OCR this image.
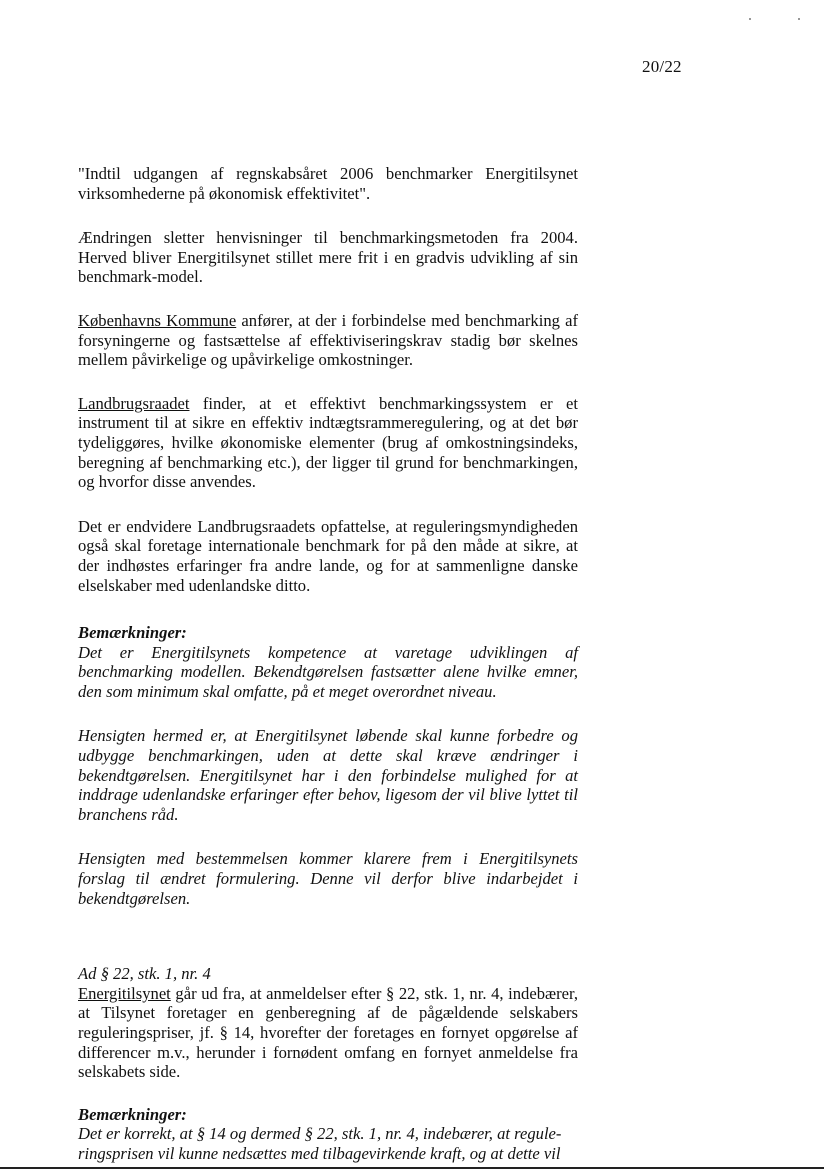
20/22

"Indtil udgangen af regnskabsåret 2006 benchmarker Energitilsynet virksomhederne på økonomisk effektivitet".

Ændringen sletter henvisninger til benchmarkingsmetoden fra 2004. Herved bliver Energitilsynet stillet mere frit i en gradvis udvikling af sin benchmark-model.

Københavns Kommune anfører, at der i forbindelse med benchmarking af forsyningerne og fastsættelse af effektiviseringskrav stadig bør skelnes mellem påvirkelige og upåvirkelige omkostninger.

Landbrugsraadet finder, at et effektivt benchmarkingssystem er et instrument til at sikre en effektiv indtægtsrammeregulering, og at det bør tydeliggøres, hvilke økonomiske elementer (brug af omkostningsindeks, beregning af benchmarking etc.), der ligger til grund for benchmarkingen, og hvorfor disse anvendes.

Det er endvidere Landbrugsraadets opfattelse, at reguleringsmyndigheden også skal foretage internationale benchmark for på den måde at sikre, at der indhøstes erfaringer fra andre lande, og for at sammenligne danske elselskaber med udenlandske ditto.

Bemærkninger:

Det er Energitilsynets kompetence at varetage udviklingen af benchmarking modellen. Bekendtgørelsen fastsætter alene hvilke emner, den som minimum skal omfatte, på et meget overordnet niveau.

Hensigten hermed er, at Energitilsynet løbende skal kunne forbedre og udbygge benchmarkingen, uden at dette skal kræve ændringer i bekendtgørelsen. Energitilsynet har i den forbindelse mulighed for at inddrage udenlandske erfaringer efter behov, ligesom der vil blive lyttet til branchens råd.

Hensigten med bestemmelsen kommer klarere frem i Energitilsynets forslag til ændret formulering. Denne vil derfor blive indarbejdet i bekendtgørelsen.

Ad § 22, stk. 1, nr. 4

Energitilsynet går ud fra, at anmeldelser efter § 22, stk. 1, nr. 4, indebærer, at Tilsynet foretager en genberegning af de pågældende selskabers reguleringspriser, jf. § 14, hvorefter der foretages en fornyet opgørelse af differencer m.v., herunder i fornødent omfang en fornyet anmeldelse fra selskabets side.

Bemærkninger:

Det er korrekt, at § 14 og dermed § 22, stk. 1, nr. 4, indebærer, at regule-
ringsprisen vil kunne nedsættes med tilbagevirkende kraft, og at dette vil
